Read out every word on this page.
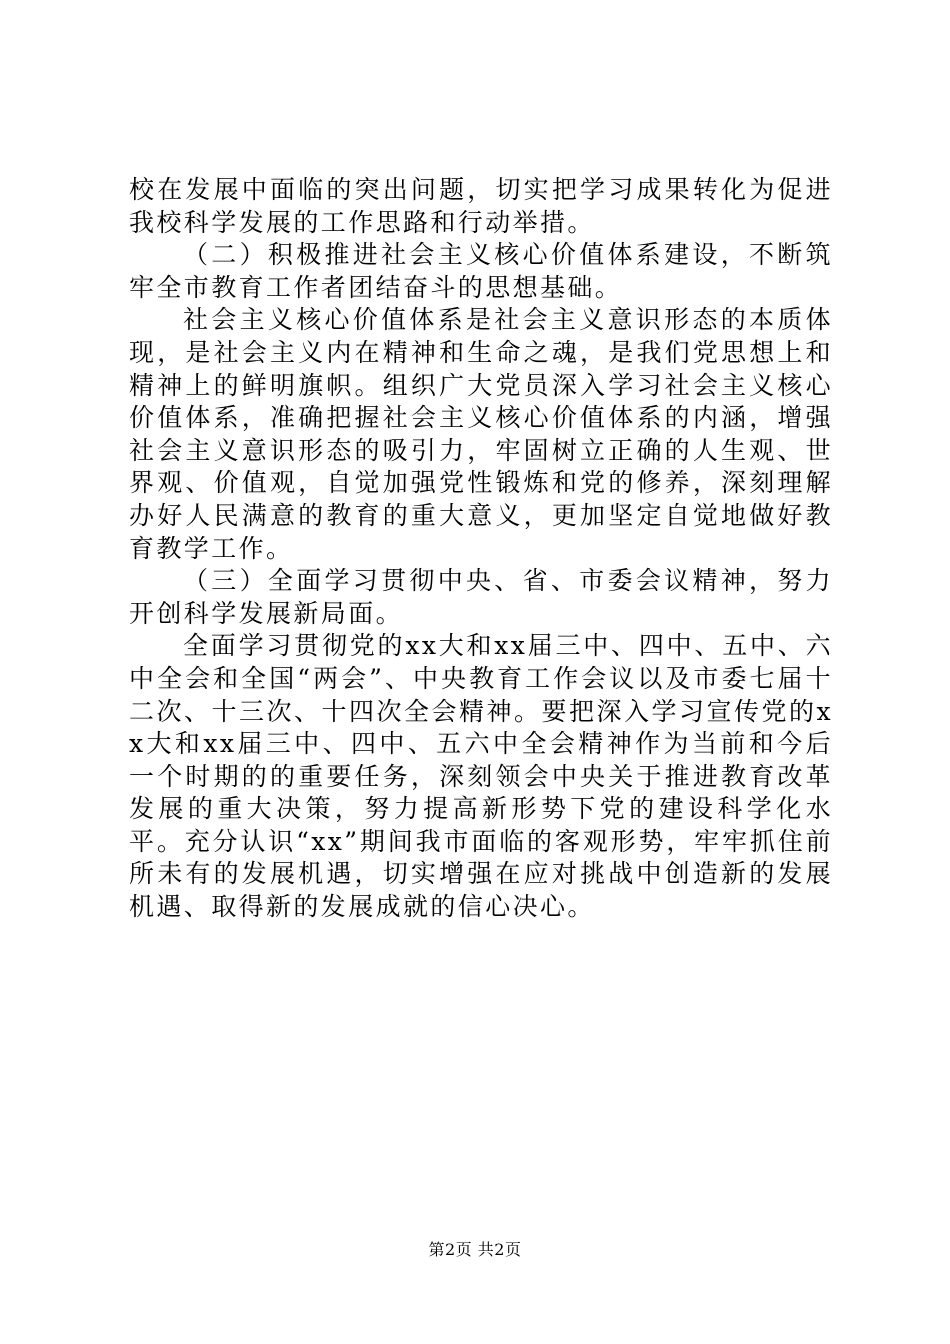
校在发展中面临的突出问题，切实把学习成果转化为促进我校科学发展的工作思路和行动举措。

（二）积极推进社会主义核心价值体系建设，不断筑牢全市教育工作者团结奋斗的思想基础。

社会主义核心价值体系是社会主义意识形态的本质体现，是社会主义内在精神和生命之魂，是我们党思想上和精神上的鲜明旗帜。组织广大党员深入学习社会主义核心价值体系，准确把握社会主义核心价值体系的内涵，增强社会主义意识形态的吸引力，牢固树立正确的人生观、世界观、价值观，自觉加强党性锻炼和党的修养，深刻理解办好人民满意的教育的重大意义，更加坚定自觉地做好教育教学工作。

（三）全面学习贯彻中央、省、市委会议精神，努力开创科学发展新局面。

全面学习贯彻党的xx大和xx届三中、四中、五中、六中全会和全国“两会”、中央教育工作会议以及市委七届十二次、十三次、十四次全会精神。要把深入学习宣传党的xx大和xx届三中、四中、五六中全会精神作为当前和今后一个时期的的重要任务，深刻领会中央关于推进教育改革发展的重大决策，努力提高新形势下党的建设科学化水平。充分认识“xx”期间我市面临的客观形势，牢牢抓住前所未有的发展机遇，切实增强在应对挑战中创造新的发展机遇、取得新的发展成就的信心决心。

第2页 共2页
